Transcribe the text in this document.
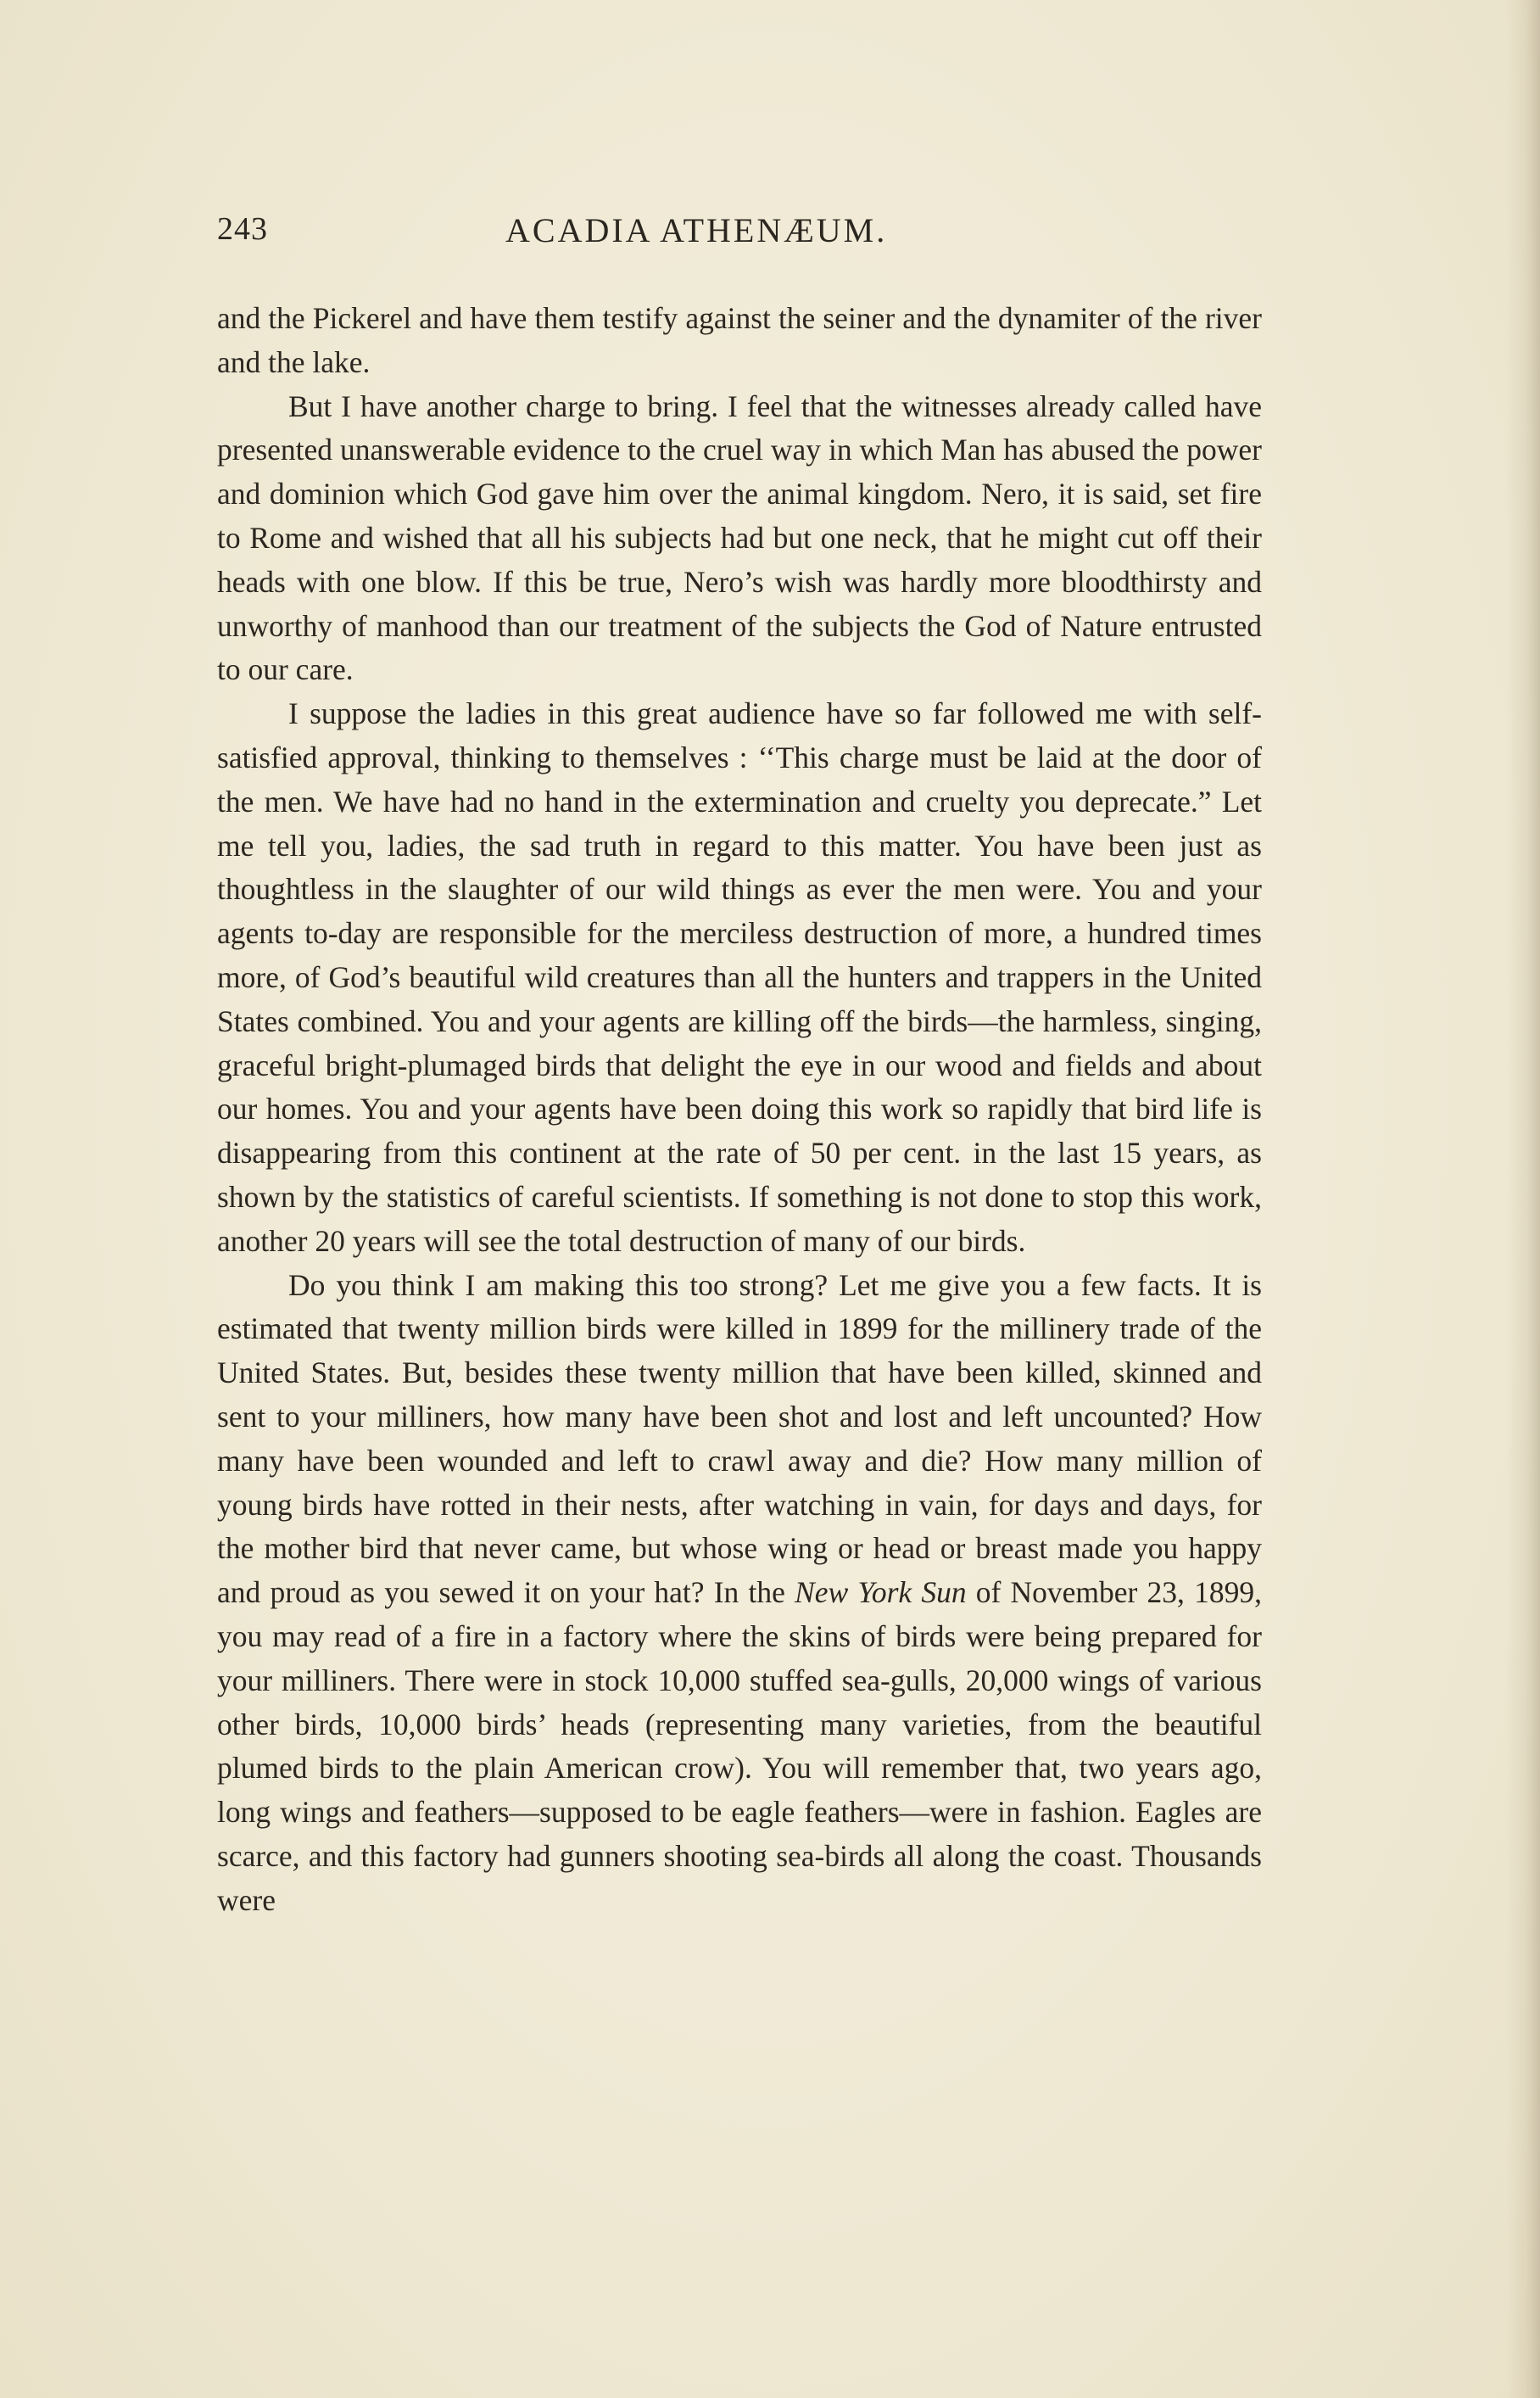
243	ACADIA ATHENÆUM.

and the Pickerel and have them testify against the seiner and the dynamiter of the river and the lake.

But I have another charge to bring. I feel that the witnesses already called have presented unanswerable evidence to the cruel way in which Man has abused the power and dominion which God gave him over the animal kingdom. Nero, it is said, set fire to Rome and wished that all his subjects had but one neck, that he might cut off their heads with one blow. If this be true, Nero’s wish was hardly more bloodthirsty and unworthy of manhood than our treatment of the subjects the God of Nature entrusted to our care.

I suppose the ladies in this great audience have so far followed me with self-satisfied approval, thinking to themselves : ‘‘This charge must be laid at the door of the men. We have had no hand in the extermination and cruelty you deprecate.” Let me tell you, ladies, the sad truth in regard to this matter. You have been just as thoughtless in the slaughter of our wild things as ever the men were. You and your agents to-day are responsible for the merciless destruction of more, a hundred times more, of God’s beautiful wild creatures than all the hunters and trappers in the United States combined. You and your agents are killing off the birds—the harmless, singing, graceful bright-plumaged birds that delight the eye in our wood and fields and about our homes. You and your agents have been doing this work so rapidly that bird life is disappearing from this continent at the rate of 50 per cent. in the last 15 years, as shown by the statistics of careful scientists. If something is not done to stop this work, another 20 years will see the total destruction of many of our birds.

Do you think I am making this too strong? Let me give you a few facts. It is estimated that twenty million birds were killed in 1899 for the millinery trade of the United States. But, besides these twenty million that have been killed, skinned and sent to your milliners, how many have been shot and lost and left uncounted? How many have been wounded and left to crawl away and die? How many million of young birds have rotted in their nests, after watching in vain, for days and days, for the mother bird that never came, but whose wing or head or breast made you happy and proud as you sewed it on your hat? In the New York Sun of November 23, 1899, you may read of a fire in a factory where the skins of birds were being prepared for your milliners. There were in stock 10,000 stuffed sea-gulls, 20,000 wings of various other birds, 10,000 birds’ heads (representing many varieties, from the beautiful plumed birds to the plain American crow). You will remember that, two years ago, long wings and feathers—supposed to be eagle feathers—were in fashion. Eagles are scarce, and this factory had gunners shooting sea-birds all along the coast. Thousands were
